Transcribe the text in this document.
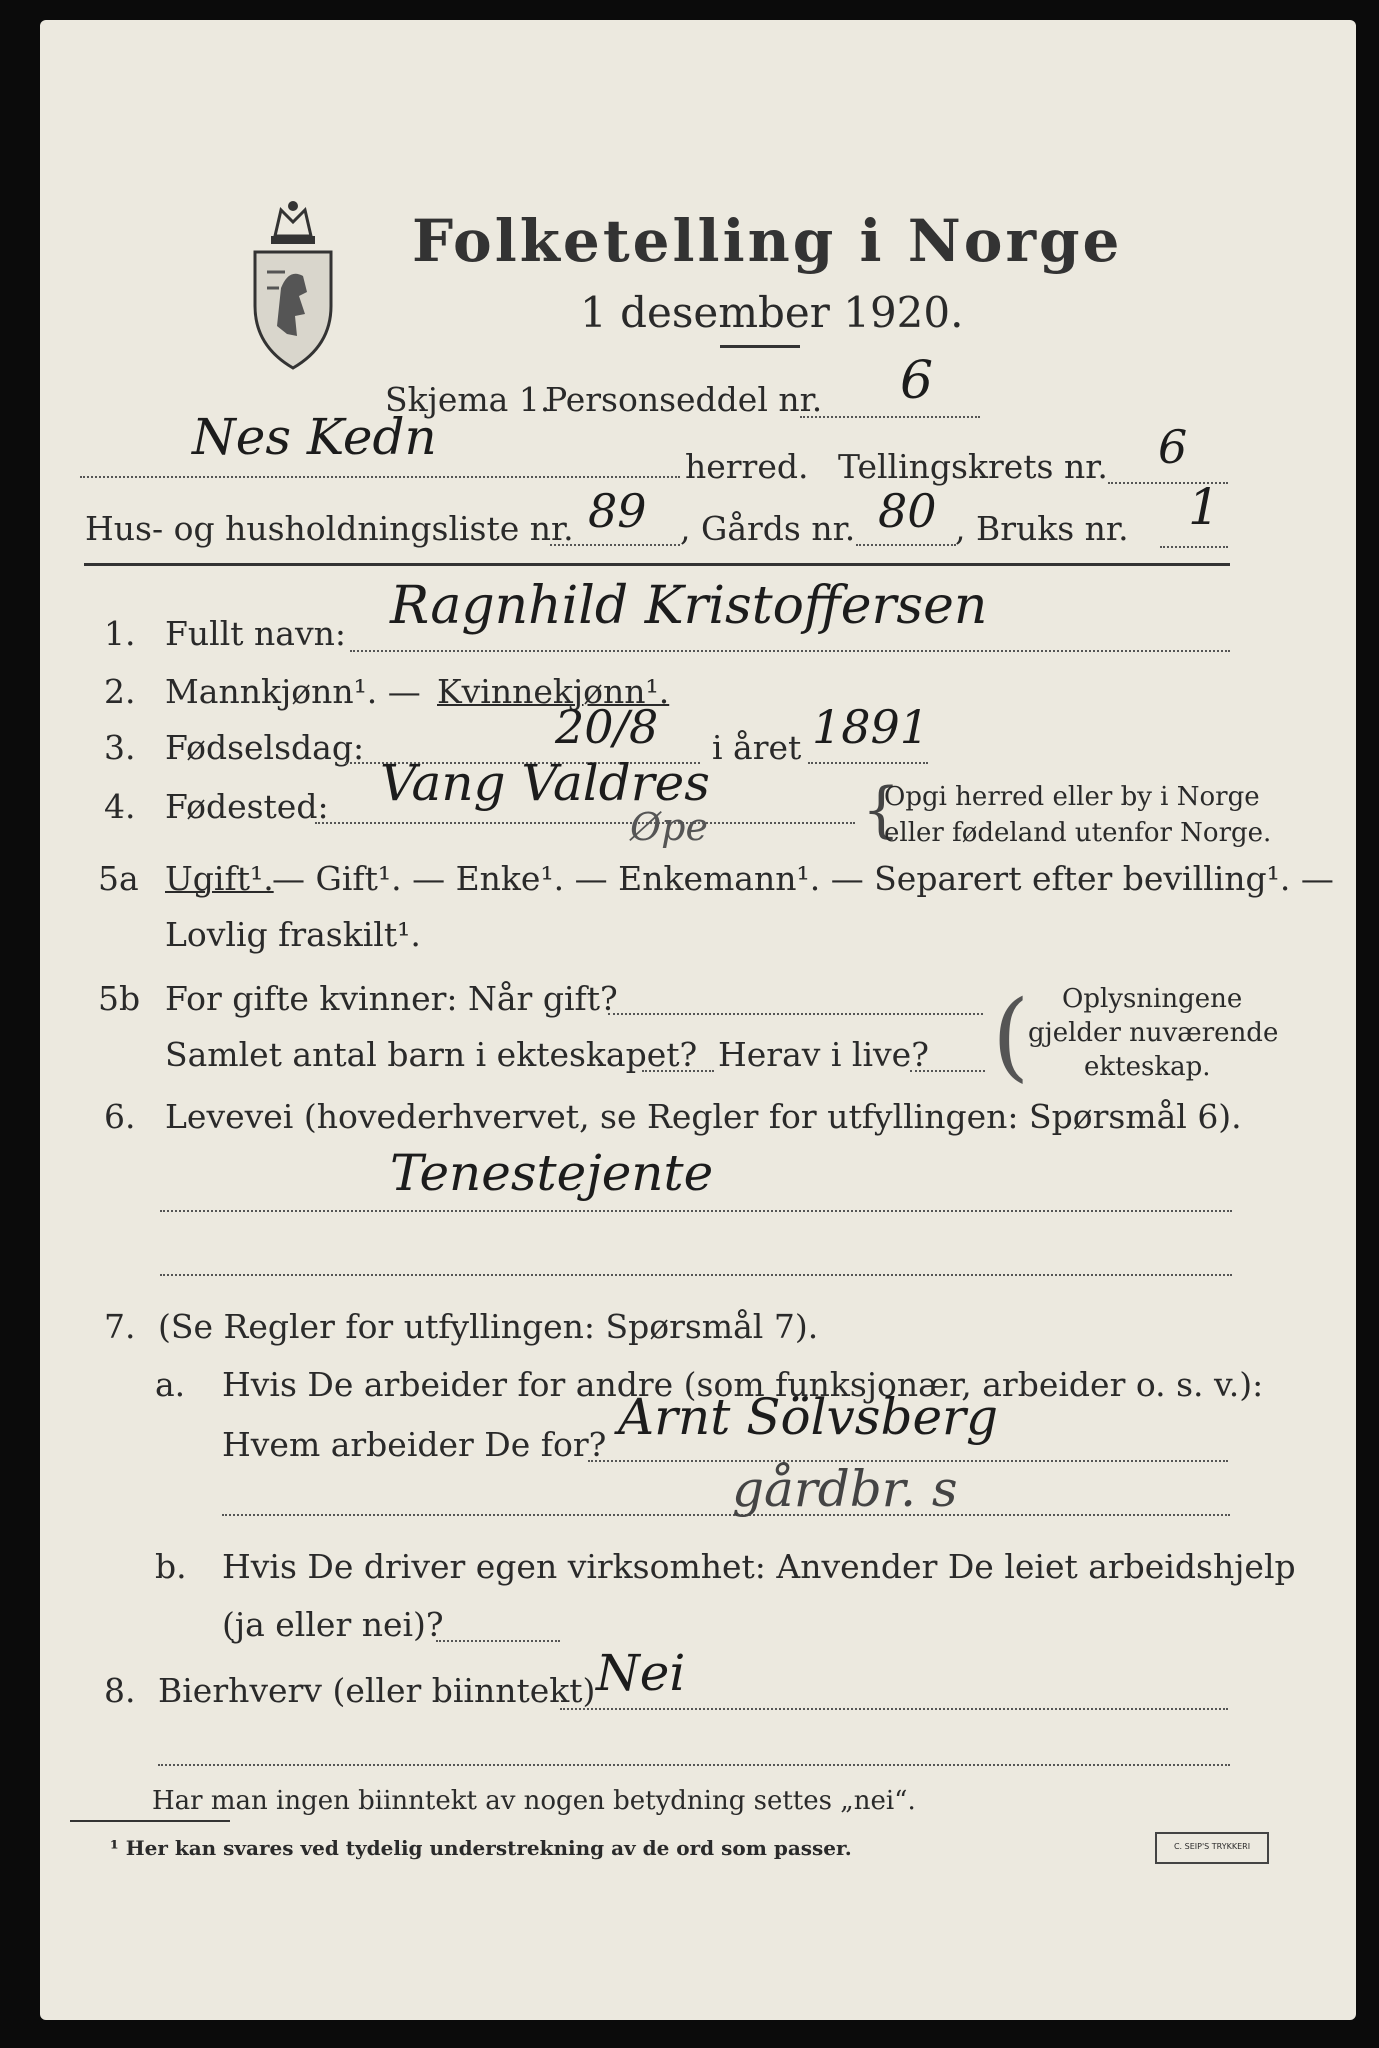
Folketelling i Norge
1 desember 1920.
Skjema 1.
Personseddel nr. 6
Nes Kedn
herred. Tellingskrets nr. 6
Hus- og husholdningsliste nr. 89 , Gårds nr. 80 , Bruks nr. 1
1. Fullt navn: Ragnhild Kristoffersen
2. Mannkjønn¹. — Kvinnekjønn¹.
3. Fødselsdag:	20/8 i året 1891
4. Fødested: Vang Valdres
Øpe	{
Opgi herred eller by i Norge
eller fødeland utenfor Norge.
5a Ugift¹.
— Gift¹. — Enke¹. — Enkemann¹. — Separert efter bevilling¹. —
Lovlig fraskilt¹.
5b For gifte kvinner: Når gift?
Samlet antal barn i ekteskapet? Herav i live? ( Oplysningene
gjelder nuværende
ekteskap.
6. Levevei (hovederhvervet, se Regler for utfyllingen: Spørsmål 6).
Tenestejente
7. (Se Regler for utfyllingen: Spørsmål 7).
a. Hvis De arbeider for andre (som funksjonær, arbeider o. s. v.):
Hvem arbeider De for? Arnt Sölvsberg
gårdbr. s
b. Hvis De driver egen virksomhet: Anvender De leiet arbeidshjelp
(ja eller nei)?
8. Bierhverv (eller biinntekt) Nei
Har man ingen biinntekt av nogen betydning settes „nei“.
¹ Her kan svares ved tydelig understrekning av de ord som passer.	C. SEIP'S TRYKKERI
